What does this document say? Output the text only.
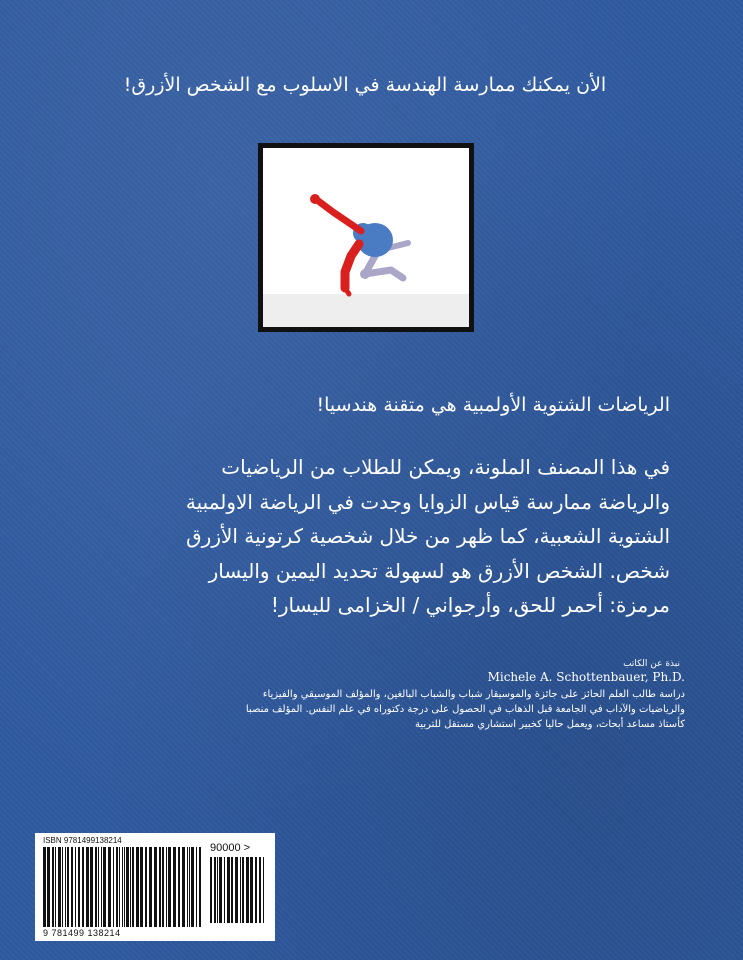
الأن يمكنك ممارسة الهندسة في الاسلوب مع الشخص الأزرق!
الرياضات الشتوية الأولمبية هي متقنة هندسيا!
في هذا المصنف الملونة، ويمكن للطلاب من الرياضيات
والرياضة ممارسة قياس الزوايا وجدت في الرياضة الاولمبية
الشتوية الشعبية، كما ظهر من خلال شخصية كرتونية الأزرق
شخص. الشخص الأزرق هو لسهولة تحديد اليمين واليسار
مرمزة: أحمر للحق، وأرجواني / الخزامى لليسار!
نبذة عن الكاتب
Michele A. Schottenbauer, Ph.D.
دراسة طالب العلم الحائز على جائزة والموسيقار شباب والشباب البالغين، والمؤلف الموسيقي والفيزياء
والرياضيات والآداب في الجامعة قبل الذهاب في الحصول على درجة دكتوراه في علم النفس. المؤلف منصبا
كأستاذ مساعد أبحاث، ويعمل حاليا كخبير استشاري مستقل للتربية
ISBN 9781499138214
90000 >
9 781499 138214
